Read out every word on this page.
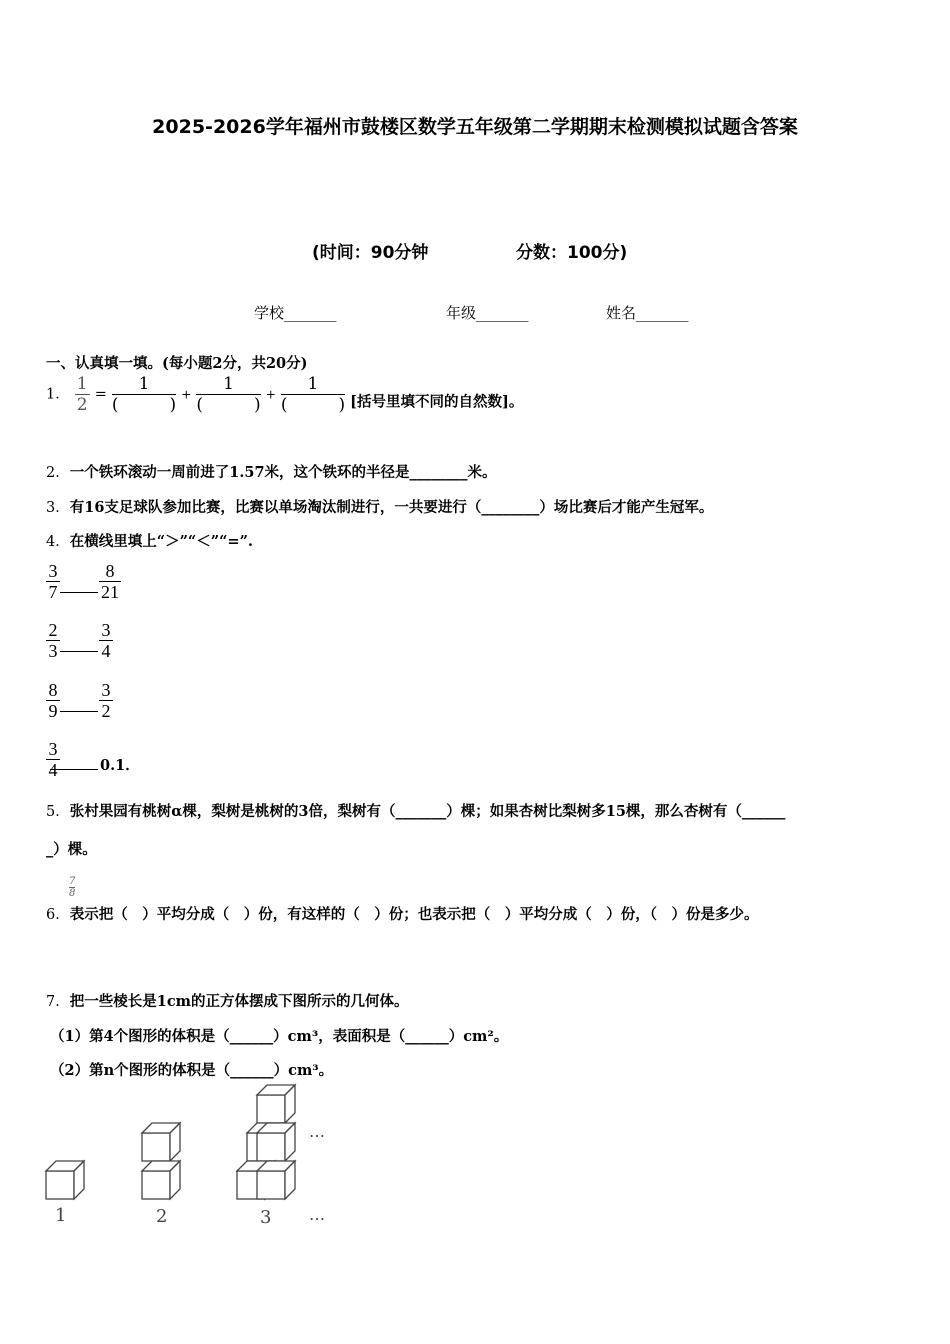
2025-2026学年福州市鼓楼区数学五年级第二学期期末检测模拟试题含答案
(时间：90分钟	分数：100分)
学校_______	年级_______	姓名_______
一、认真填一填。(每小题2分，共20分)
1． $\frac{1}{2} = \frac{1}{( )} + \frac{1}{( )} + \frac{1}{( )}$ [括号里填不同的自然数]。
2．一个铁环滚动一周前进了1.57米，这个铁环的半径是________米。
3．有16支足球队参加比赛，比赛以单场淘汰制进行，一共要进行（________）场比赛后才能产生冠军。
4．在横线里填上“＞”“＜”“=”.
$\frac{3}{7} \frac{8}{21}$
$\frac{2}{3} \frac{3}{4}$
$\frac{8}{9} \frac{3}{2}$
$\frac{3}{4}$	0.1．
5．张村果园有桃树α棵，梨树是桃树的3倍，梨树有（_______）棵；如果杏树比梨树多15棵，那么杏树有（______
_）棵。
6．表示把（　）平均分成（　）份，有这样的（　）份；也表示把（　）平均分成（　）份，（　）份是多少。
$\frac{7}{8}$
7．把一些棱长是1cm的正方体摆成下图所示的几何体。
（1）第4个图形的体积是（______）cm³，表面积是（______）cm²。
（2）第n个图形的体积是（______）cm³。
1	2	3
…
…
